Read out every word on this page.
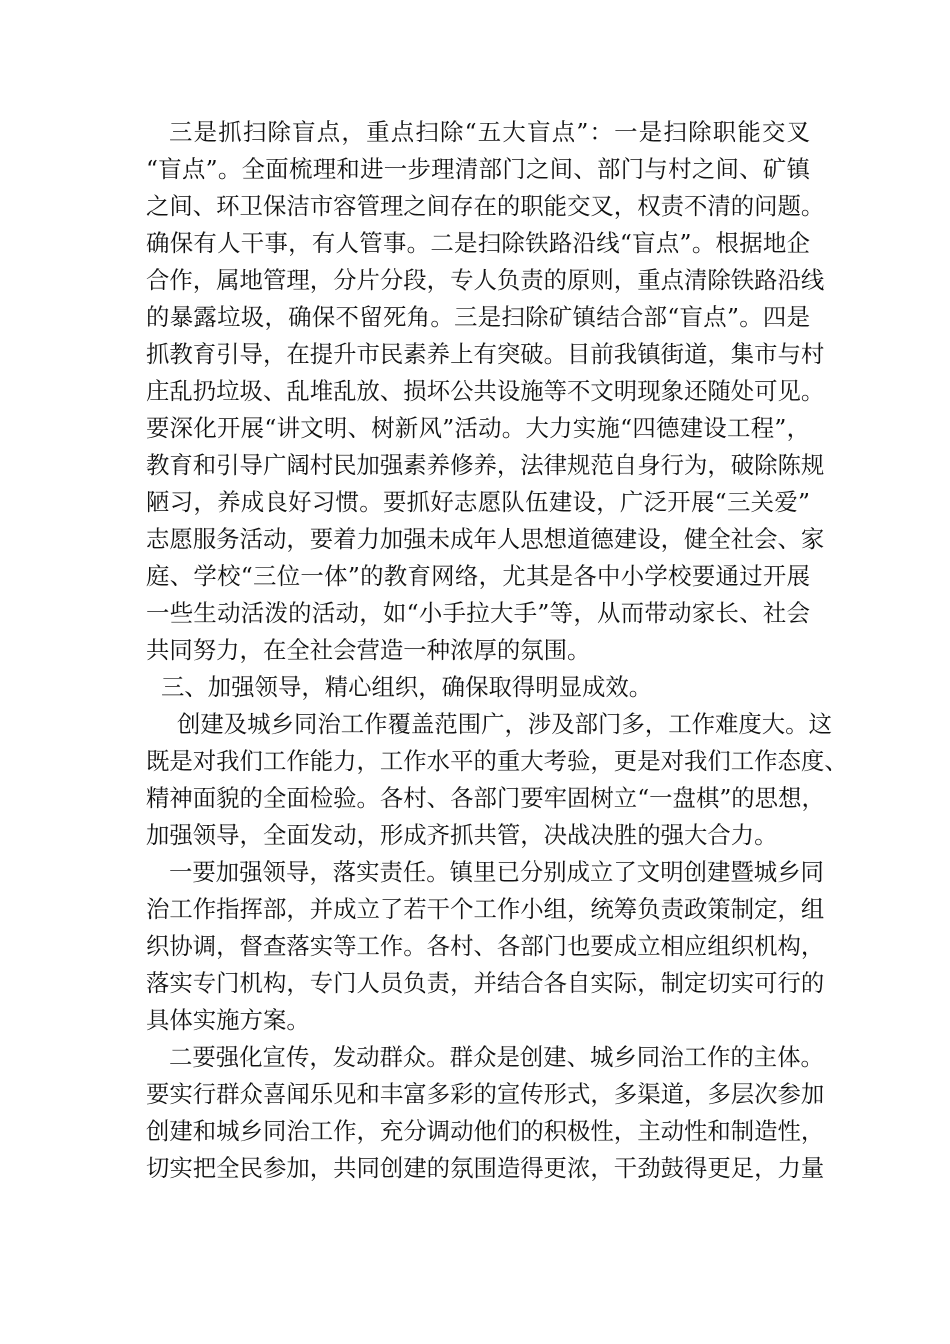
三是抓扫除盲点，重点扫除“五大盲点”：一是扫除职能交叉
“盲点”。全面梳理和进一步理清部门之间、部门与村之间、矿镇
之间、环卫保洁市容管理之间存在的职能交叉，权责不清的问题。
确保有人干事，有人管事。二是扫除铁路沿线“盲点”。根据地企
合作，属地管理，分片分段，专人负责的原则，重点清除铁路沿线
的暴露垃圾，确保不留死角。三是扫除矿镇结合部“盲点”。四是
抓教育引导，在提升市民素养上有突破。目前我镇街道，集市与村
庄乱扔垃圾、乱堆乱放、损坏公共设施等不文明现象还随处可见。
要深化开展“讲文明、树新风”活动。大力实施“四德建设工程”，
教育和引导广阔村民加强素养修养，法律规范自身行为，破除陈规
陋习，养成良好习惯。要抓好志愿队伍建设，广泛开展“三关爱”
志愿服务活动，要着力加强未成年人思想道德建设，健全社会、家
庭、学校“三位一体”的教育网络，尤其是各中小学校要通过开展
一些生动活泼的活动，如“小手拉大手”等，从而带动家长、社会
共同努力，在全社会营造一种浓厚的氛围。
三、加强领导，精心组织，确保取得明显成效。
创建及城乡同治工作覆盖范围广，涉及部门多，工作难度大。这
既是对我们工作能力，工作水平的重大考验，更是对我们工作态度、
精神面貌的全面检验。各村、各部门要牢固树立“一盘棋”的思想，
加强领导，全面发动，形成齐抓共管，决战决胜的强大合力。
一要加强领导，落实责任。镇里已分别成立了文明创建暨城乡同
治工作指挥部，并成立了若干个工作小组，统筹负责政策制定，组
织协调，督查落实等工作。各村、各部门也要成立相应组织机构，
落实专门机构，专门人员负责，并结合各自实际，制定切实可行的
具体实施方案。
二要强化宣传，发动群众。群众是创建、城乡同治工作的主体。
要实行群众喜闻乐见和丰富多彩的宣传形式，多渠道，多层次参加
创建和城乡同治工作，充分调动他们的积极性，主动性和制造性，
切实把全民参加，共同创建的氛围造得更浓，干劲鼓得更足，力量
